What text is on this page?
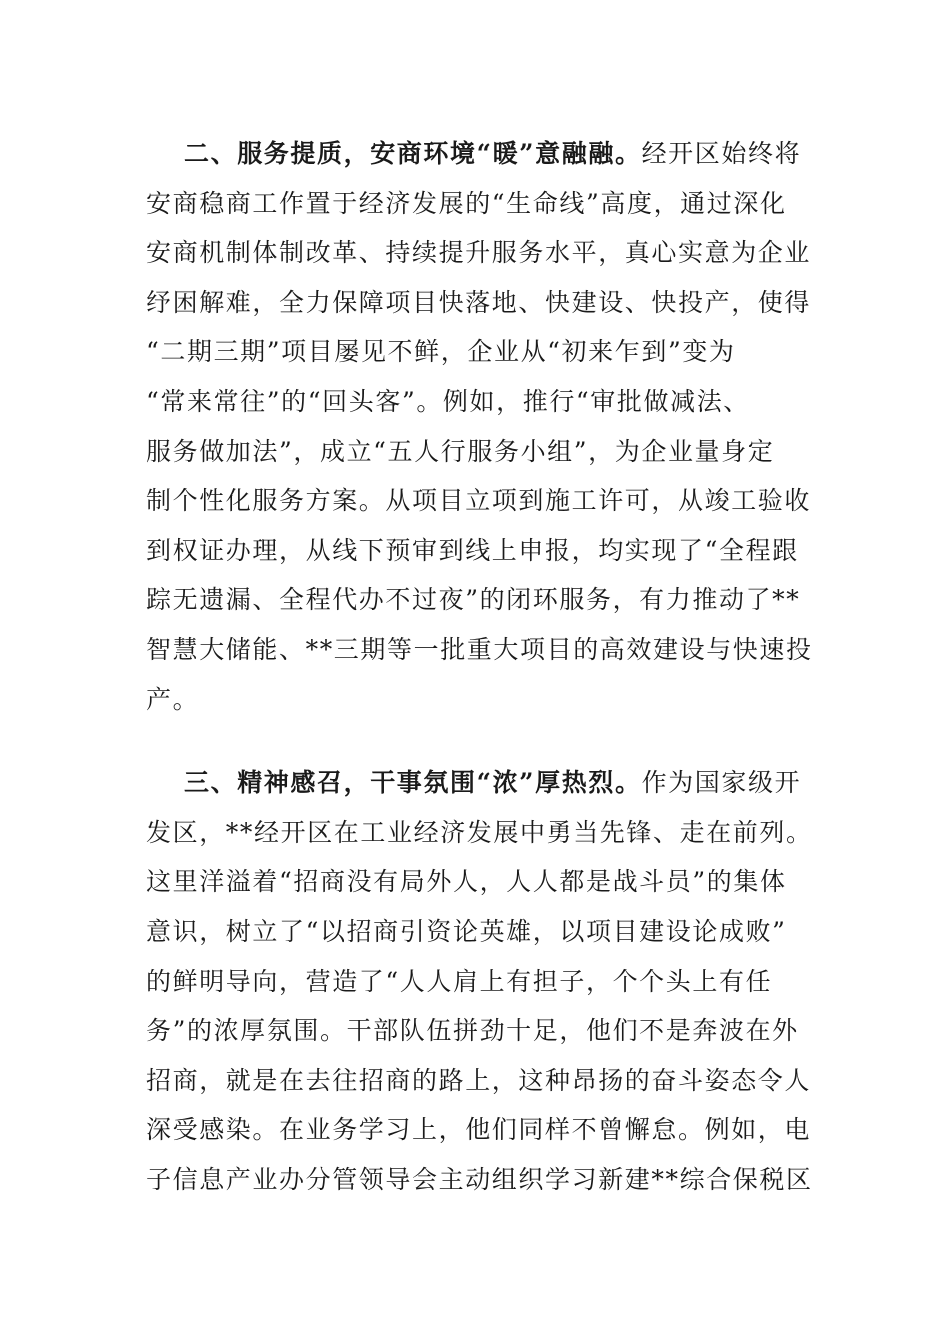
二、服务提质，安商环境“暖”意融融。经开区始终将
安商稳商工作置于经济发展的“生命线”高度，通过深化
安商机制体制改革、持续提升服务水平，真心实意为企业
纾困解难，全力保障项目快落地、快建设、快投产，使得
“二期三期”项目屡见不鲜，企业从“初来乍到”变为
“常来常往”的“回头客”。例如，推行“审批做减法、
服务做加法”，成立“五人行服务小组”，为企业量身定
制个性化服务方案。从项目立项到施工许可，从竣工验收
到权证办理，从线下预审到线上申报，均实现了“全程跟
踪无遗漏、全程代办不过夜”的闭环服务，有力推动了**
智慧大储能、**三期等一批重大项目的高效建设与快速投
产。

三、精神感召，干事氛围“浓”厚热烈。作为国家级开
发区，**经开区在工业经济发展中勇当先锋、走在前列。
这里洋溢着“招商没有局外人，人人都是战斗员”的集体
意识，树立了“以招商引资论英雄，以项目建设论成败”
的鲜明导向，营造了“人人肩上有担子，个个头上有任
务”的浓厚氛围。干部队伍拼劲十足，他们不是奔波在外
招商，就是在去往招商的路上，这种昂扬的奋斗姿态令人
深受感染。在业务学习上，他们同样不曾懈怠。例如，电
子信息产业办分管领导会主动组织学习新建**综合保税区
